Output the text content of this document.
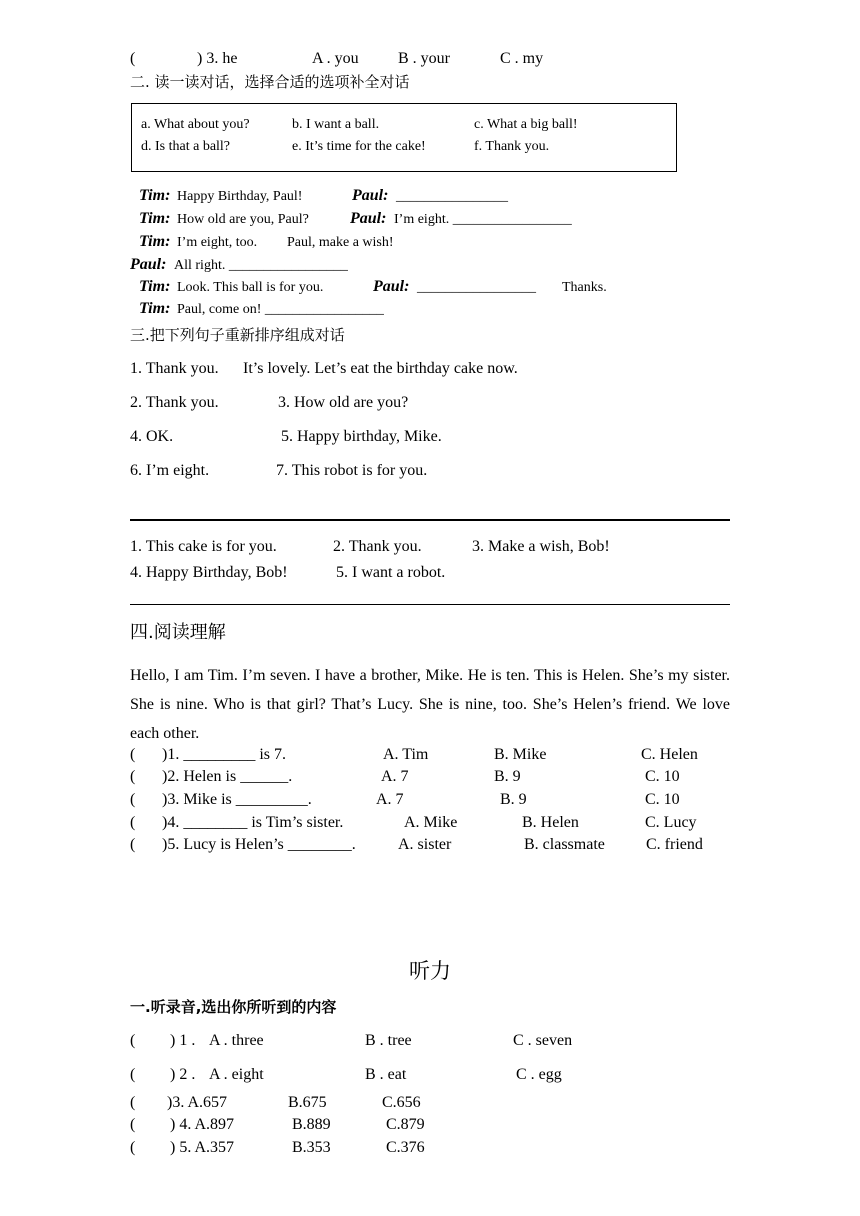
(	) 3. he	A . you B . your	C . my
二. 读一读对话，选择合适的选项补全对话
a. What about you?	b. I want a ball.	c. What a big ball!
d. Is that a ball?	e. It’s time for the cake!	f. Thank you.
Tim: Happy Birthday, Paul!	Paul: ________________
Tim: How old are you, Paul?	Paul: I’m eight. _________________
Tim: I’m eight, too. Paul, make a wish!
Paul: All right. _________________
Tim: Look. This ball is for you.	Paul: _________________ Thanks.
Tim: Paul, come on! _________________
三.把下列句子重新排序组成对话
1. Thank you. It’s lovely. Let’s eat the birthday cake now.
2. Thank you.	3. How old are you?
4. OK.	5. Happy birthday, Mike.
6. I’m eight.	7. This robot is for you.
1. This cake is for you.	2. Thank you.	3. Make a wish, Bob!
4. Happy Birthday, Bob!	5. I want a robot.
四.阅读理解
Hello, I am Tim. I’m seven. I have a brother, Mike. He is ten. This is Helen. She’s my sister. She is nine. Who is that girl? That’s Lucy. She is nine, too. She’s Helen’s friend. We love each other.
( )1. _________ is 7.	A. Tim	B. Mike	C. Helen
( )2. Helen is ______.	A. 7	B. 9	C. 10
( )3. Mike is _________.	A. 7	B. 9	C. 10
( )4. ________ is Tim’s sister.	A. Mike	B. Helen	C. Lucy
( )5. Lucy is Helen’s ________.	A. sister	B. classmate	C. friend
听力
一.听录音,选出你所听到的内容
( ) 1 . A . three	B . tree	C . seven
( ) 2 . A . eight	B . eat	C . egg
( )3. A.657	B.675	C.656
( ) 4. A.897	B.889	C.879
( ) 5. A.357	B.353	C.376
